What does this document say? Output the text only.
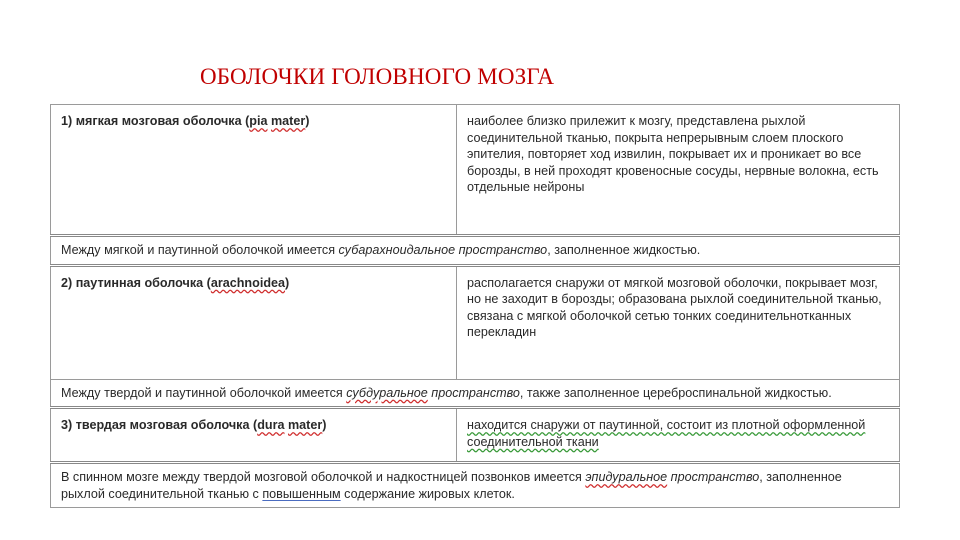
ОБОЛОЧКИ ГОЛОВНОГО МОЗГА
1) мягкая мозговая оболочка (pia mater)	наиболее близко прилежит к мозгу, представлена рыхлой соединительной тканью, покрыта непрерывным слоем плоского эпителия, повторяет ход извилин, покрывает их и проникает во все борозды, в ней проходят кровеносные сосуды, нервные волокна, есть отдельные нейроны
Между мягкой и паутинной оболочкой имеется субарахноидальное пространство, заполненное жидкостью.	
2) паутинная оболочка (arachnoidea)	располагается снаружи от мягкой мозговой оболочки, покрывает мозг, но не заходит в борозды; образована рыхлой соединительной тканью, связана с мягкой оболочкой сетью тонких соединительнотканных перекладин
Между твердой и паутинной оболочкой имеется субдуральное пространство, также заполненное цереброспинальной жидкостью.	
3) твердая мозговая оболочка (dura mater)	находится снаружи от паутинной, состоит из плотной оформленной соединительной ткани
В спинном мозге между твердой мозговой оболочкой и надкостницей позвонков имеется эпидуральное пространство, заполненное рыхлой соединительной тканью с повышенным содержание жировых клеток.	
